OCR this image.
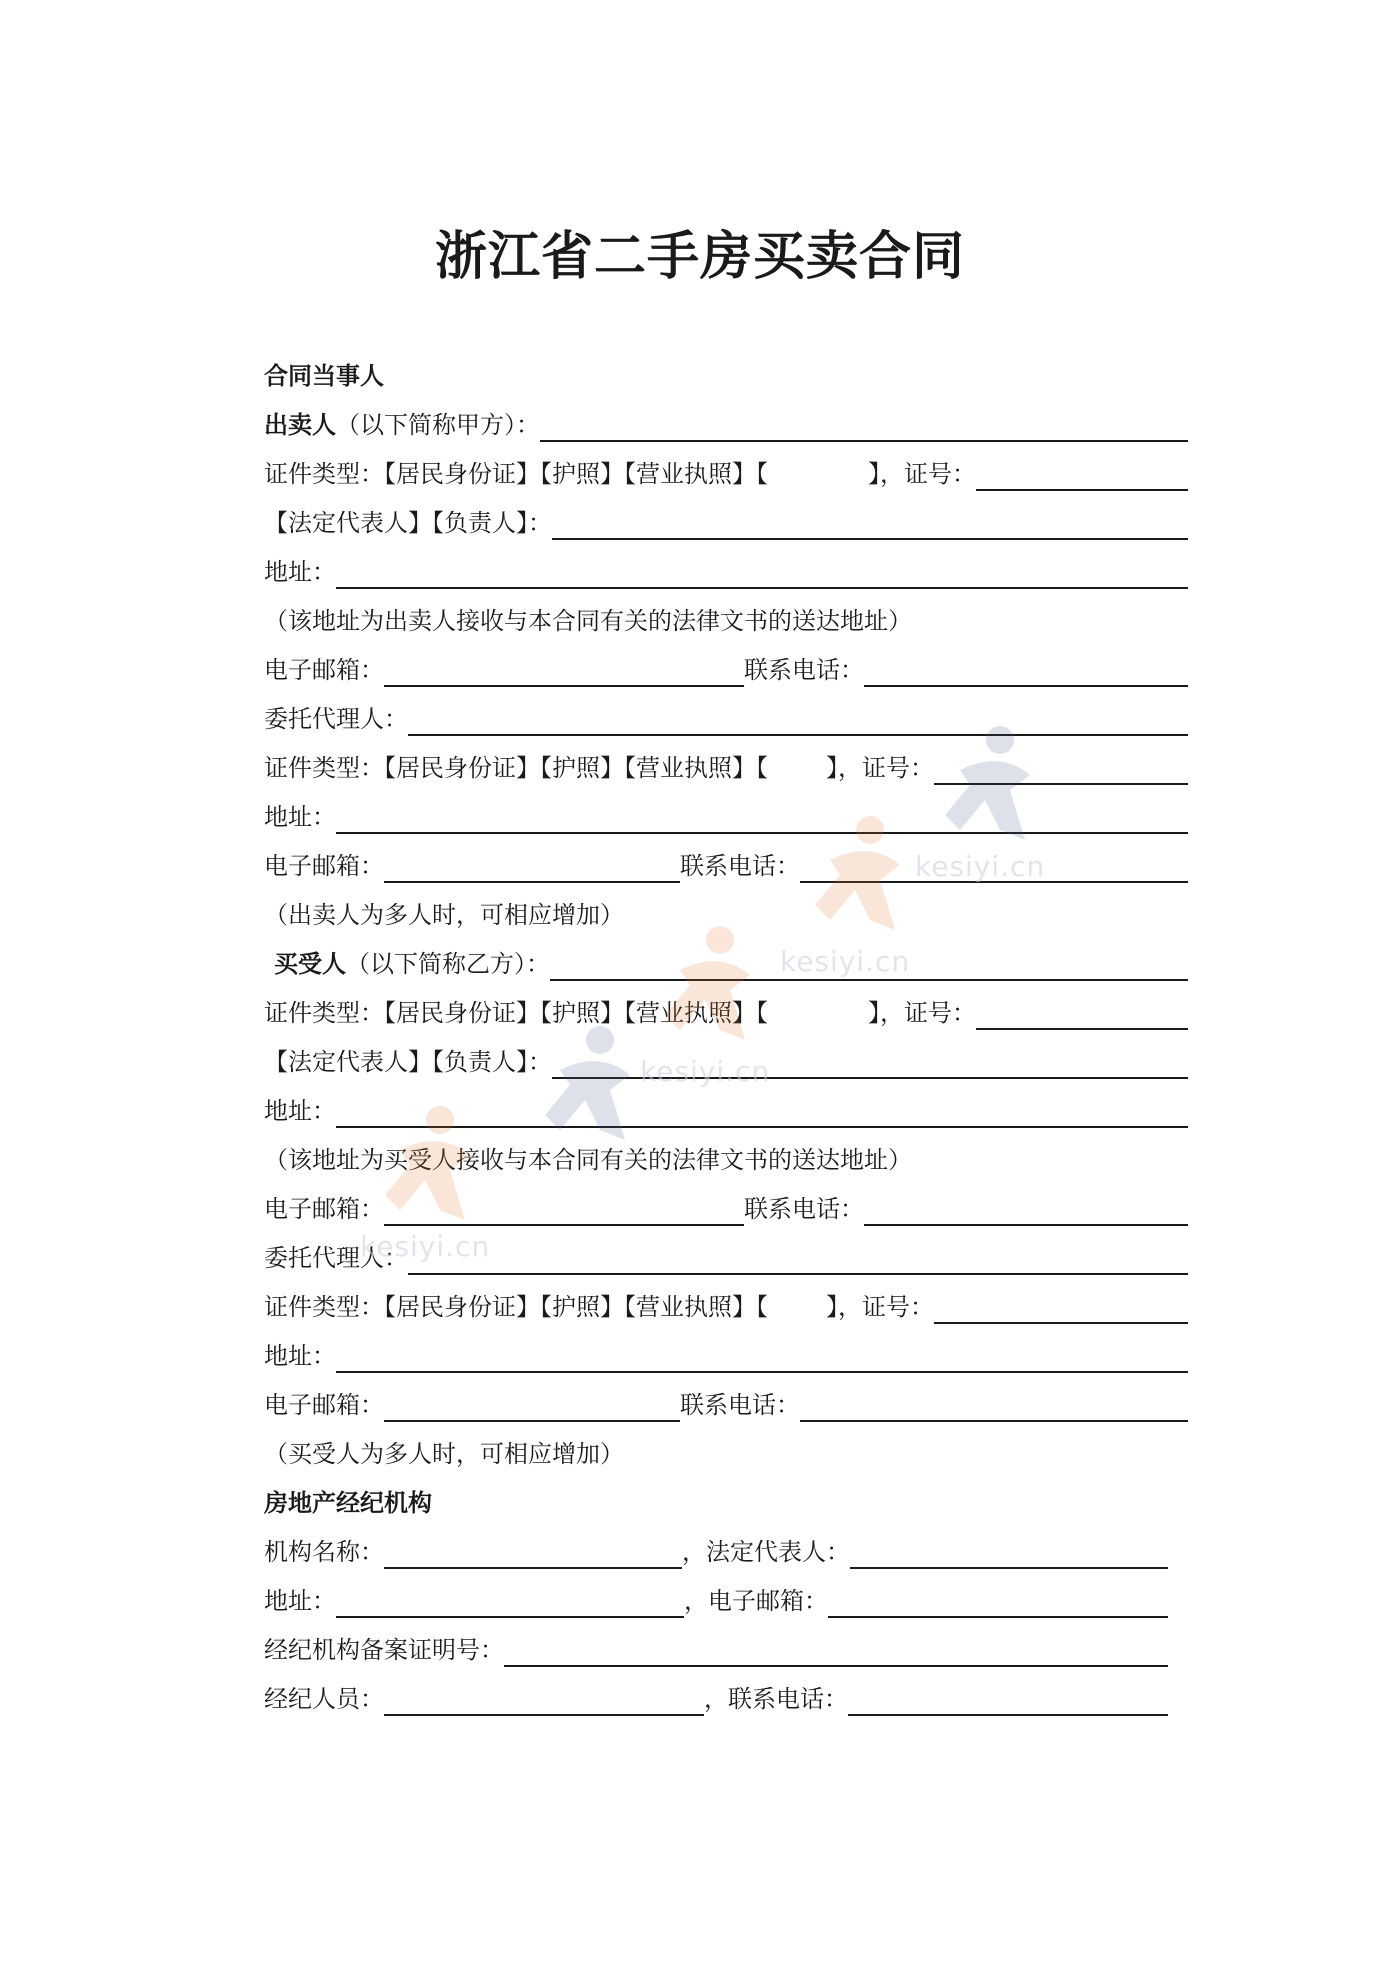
浙江省二手房买卖合同
合同当事人
出卖人 （以下简称甲方）：
证件类型：【居民身份证】【护照】【营业执照】【	】，证号：
【法定代表人】【负责人】：
地址：
（该地址为出卖人接收与本合同有关的法律文书的送达地址）
电子邮箱：	联系电话：
委托代理人：
证件类型：【居民身份证】【护照】【营业执照】【 】，证号：
地址：
电子邮箱：	联系电话：
（出卖人为多人时，可相应增加）
买受人 （以下简称乙方）：
证件类型：【居民身份证】【护照】【营业执照】【	】，证号：
【法定代表人】【负责人】：
地址：
（该地址为买受人接收与本合同有关的法律文书的送达地址）
电子邮箱：	联系电话：
委托代理人：
证件类型：【居民身份证】【护照】【营业执照】【 】，证号：
地址：
电子邮箱：	联系电话：
（买受人为多人时，可相应增加）
房地产经纪机构
机构名称：	，法定代表人：
地址：	，电子邮箱：
经纪机构备案证明号：
经纪人员：	，联系电话：
kesiyi.cn
kesiyi.cn
kesiyi.cn
kesiyi.cn
